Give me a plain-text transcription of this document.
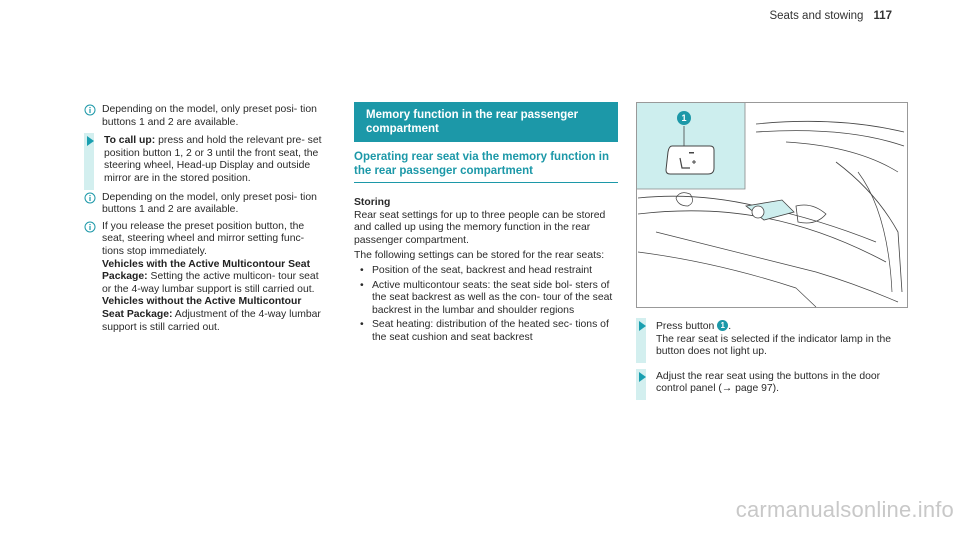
Seats and stowing 117
Depending on the model, only preset posi- tion buttons 1 and 2 are available.
To call up: press and hold the relevant pre- set position button 1, 2 or 3 until the front seat, the steering wheel, Head-up Display and outside mirror are in the stored position.
Depending on the model, only preset posi- tion buttons 1 and 2 are available.
If you release the preset position button, the seat, steering wheel and mirror setting func- tions stop immediately.
Vehicles with the Active Multicontour Seat Package: Setting the active multicon- tour seat or the 4-way lumbar support is still carried out.
Vehicles without the Active Multicontour Seat Package: Adjustment of the 4-way lumbar support is still carried out.
Memory function in the rear passenger compartment
Operating rear seat via the memory function in the rear passenger compartment
Storing
Rear seat settings for up to three people can be stored and called up using the memory function in the rear passenger compartment.
The following settings can be stored for the rear seats:
• Position of the seat, backrest and head restraint
• Active multicontour seats: the seat side bol- sters of the seat backrest as well as the con- tour of the seat backrest in the lumbar and shoulder regions
• Seat heating: distribution of the heated sec- tions of the seat cushion and seat backrest
1
Press button 1 .
The rear seat is selected if the indicator lamp in the button does not light up.
Adjust the rear seat using the buttons in the door control panel (→ page 97).
carmanualsonline.info
